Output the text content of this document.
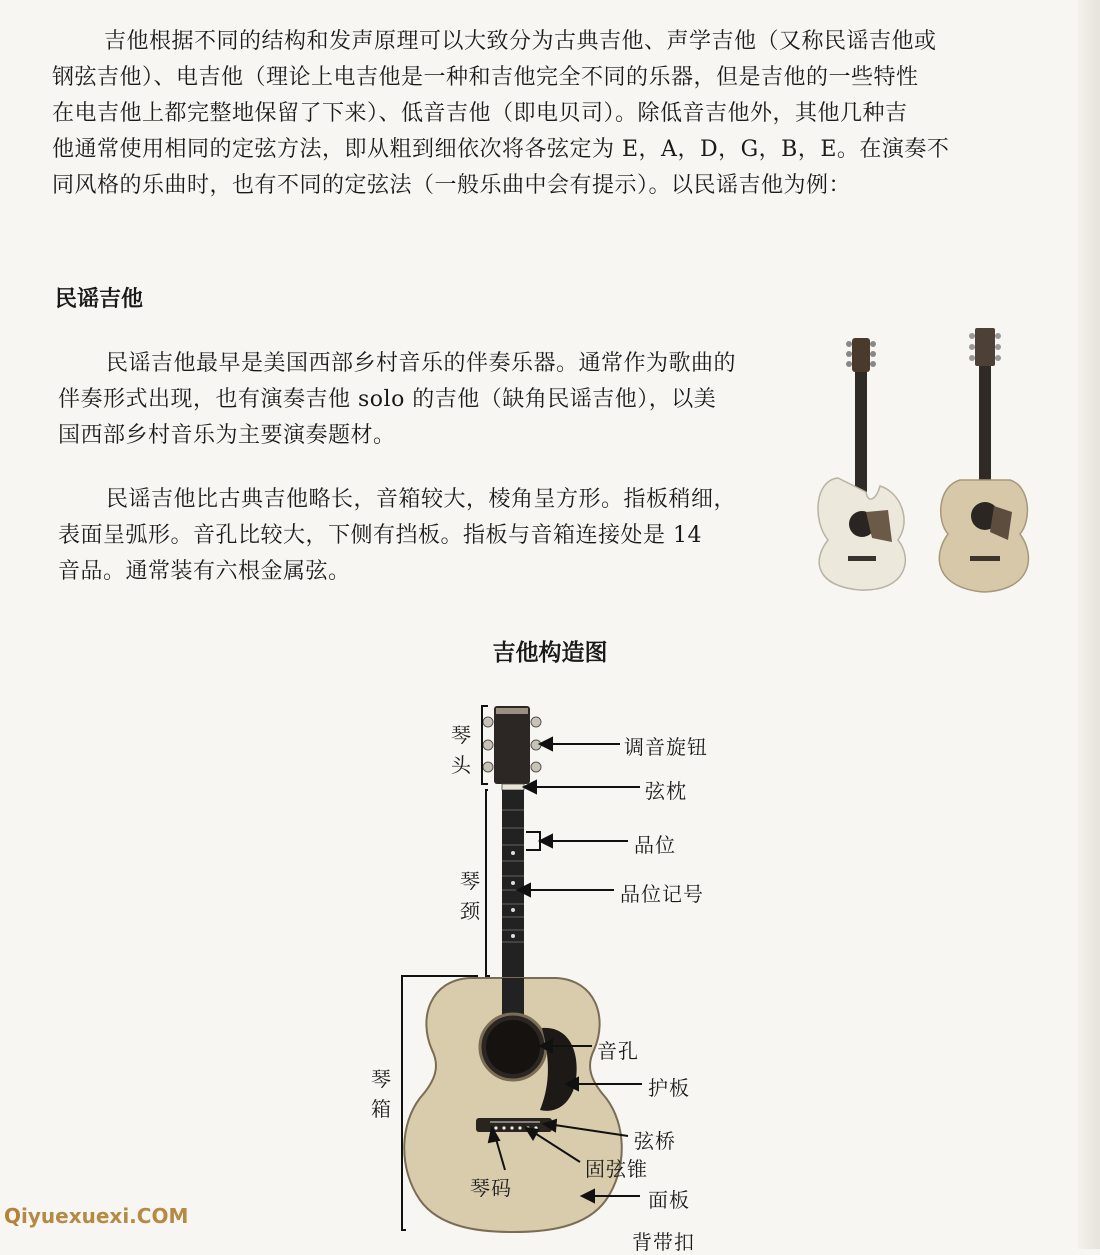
吉他根据不同的结构和发声原理可以大致分为古典吉他、声学吉他（又称民谣吉他或
钢弦吉他）、电吉他（理论上电吉他是一种和吉他完全不同的乐器，但是吉他的一些特性
在电吉他上都完整地保留了下来）、低音吉他（即电贝司）。除低音吉他外，其他几种吉
他通常使用相同的定弦方法，即从粗到细依次将各弦定为 E，A，D，G，B，E。在演奏不
同风格的乐曲时，也有不同的定弦法（一般乐曲中会有提示）。以民谣吉他为例：
民谣吉他
民谣吉他最早是美国西部乡村音乐的伴奏乐器。通常作为歌曲的
伴奏形式出现，也有演奏吉他 solo 的吉他（缺角民谣吉他），以美
国西部乡村音乐为主要演奏题材。
民谣吉他比古典吉他略长，音箱较大，棱角呈方形。指板稍细，
表面呈弧形。音孔比较大，下侧有挡板。指板与音箱连接处是 14
音品。通常装有六根金属弦。
吉他构造图
琴
头
琴
颈
琴
箱
调音旋钮
弦枕
品位
品位记号
音孔
护板
弦桥
固弦锥
琴码	面板
背带扣
Qiyuexuexi.COM
